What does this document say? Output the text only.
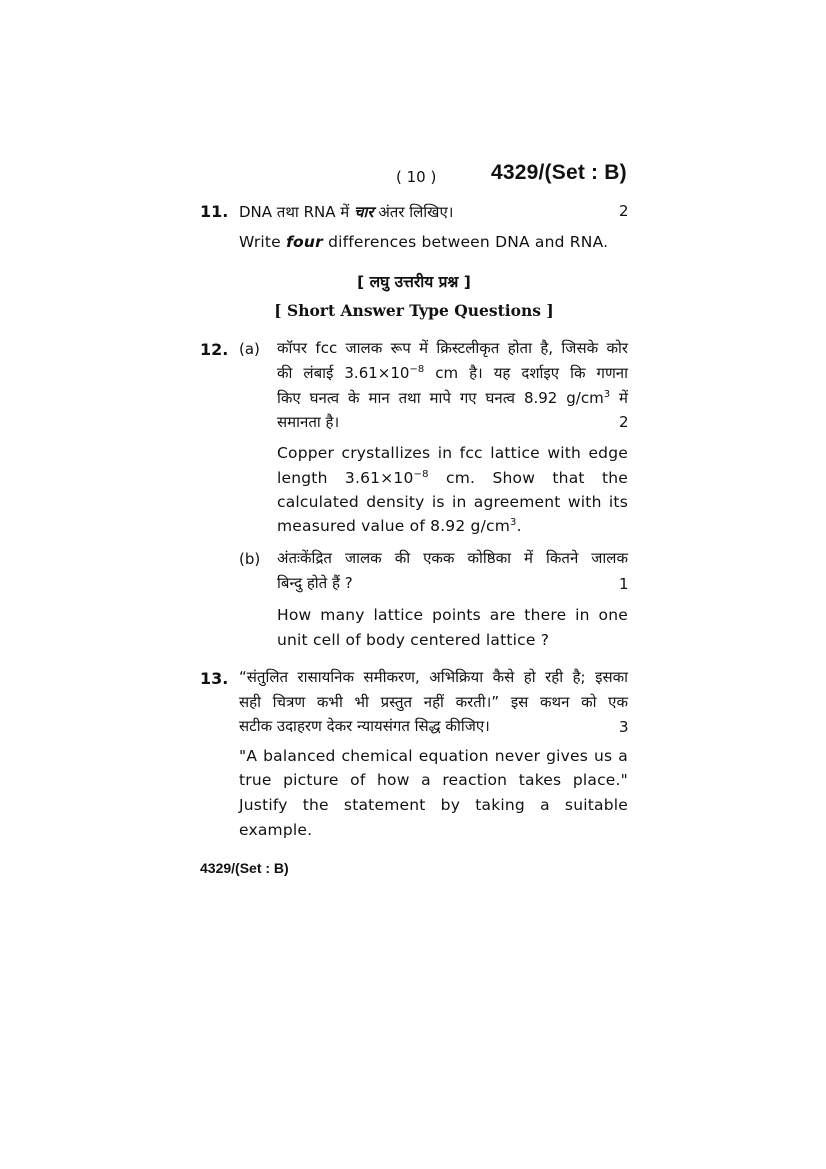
( 10 )	4329/(Set : B)
11. DNA तथा RNA में चार अंतर लिखिए।	2
Write four differences between DNA and RNA.
[ लघु उत्तरीय प्रश्न ]
[ Short Answer Type Questions ]
12. (a) कॉपर fcc जालक रूप में क्रिस्टलीकृत होता है, जिसके कोर
की लंबाई $3.61\times 10^{-8}$ cm है। यह दर्शाइए कि गणना
किए घनत्व के मान तथा मापे गए घनत्व 8.92 $g/cm^3$ में
समानता है।	2
Copper crystallizes in fcc lattice with edge
length $3.61\times 10^{-8}$ cm. Show that the
calculated density is in agreement with its
measured value of 8.92 $g/cm^3$.
(b) अंतःकेंद्रित जालक की एकक कोष्ठिका में कितने जालक
बिन्दु होते हैं ?	1
How many lattice points are there in one
unit cell of body centered lattice ?
13. “संतुलित रासायनिक समीकरण, अभिक्रिया कैसे हो रही है; इसका
सही चित्रण कभी भी प्रस्तुत नहीं करती।” इस कथन को एक
सटीक उदाहरण देकर न्यायसंगत सिद्ध कीजिए।	3
"A balanced chemical equation never gives us a
true picture of how a reaction takes place."
Justify the statement by taking a suitable
example.
4329/(Set : B)
